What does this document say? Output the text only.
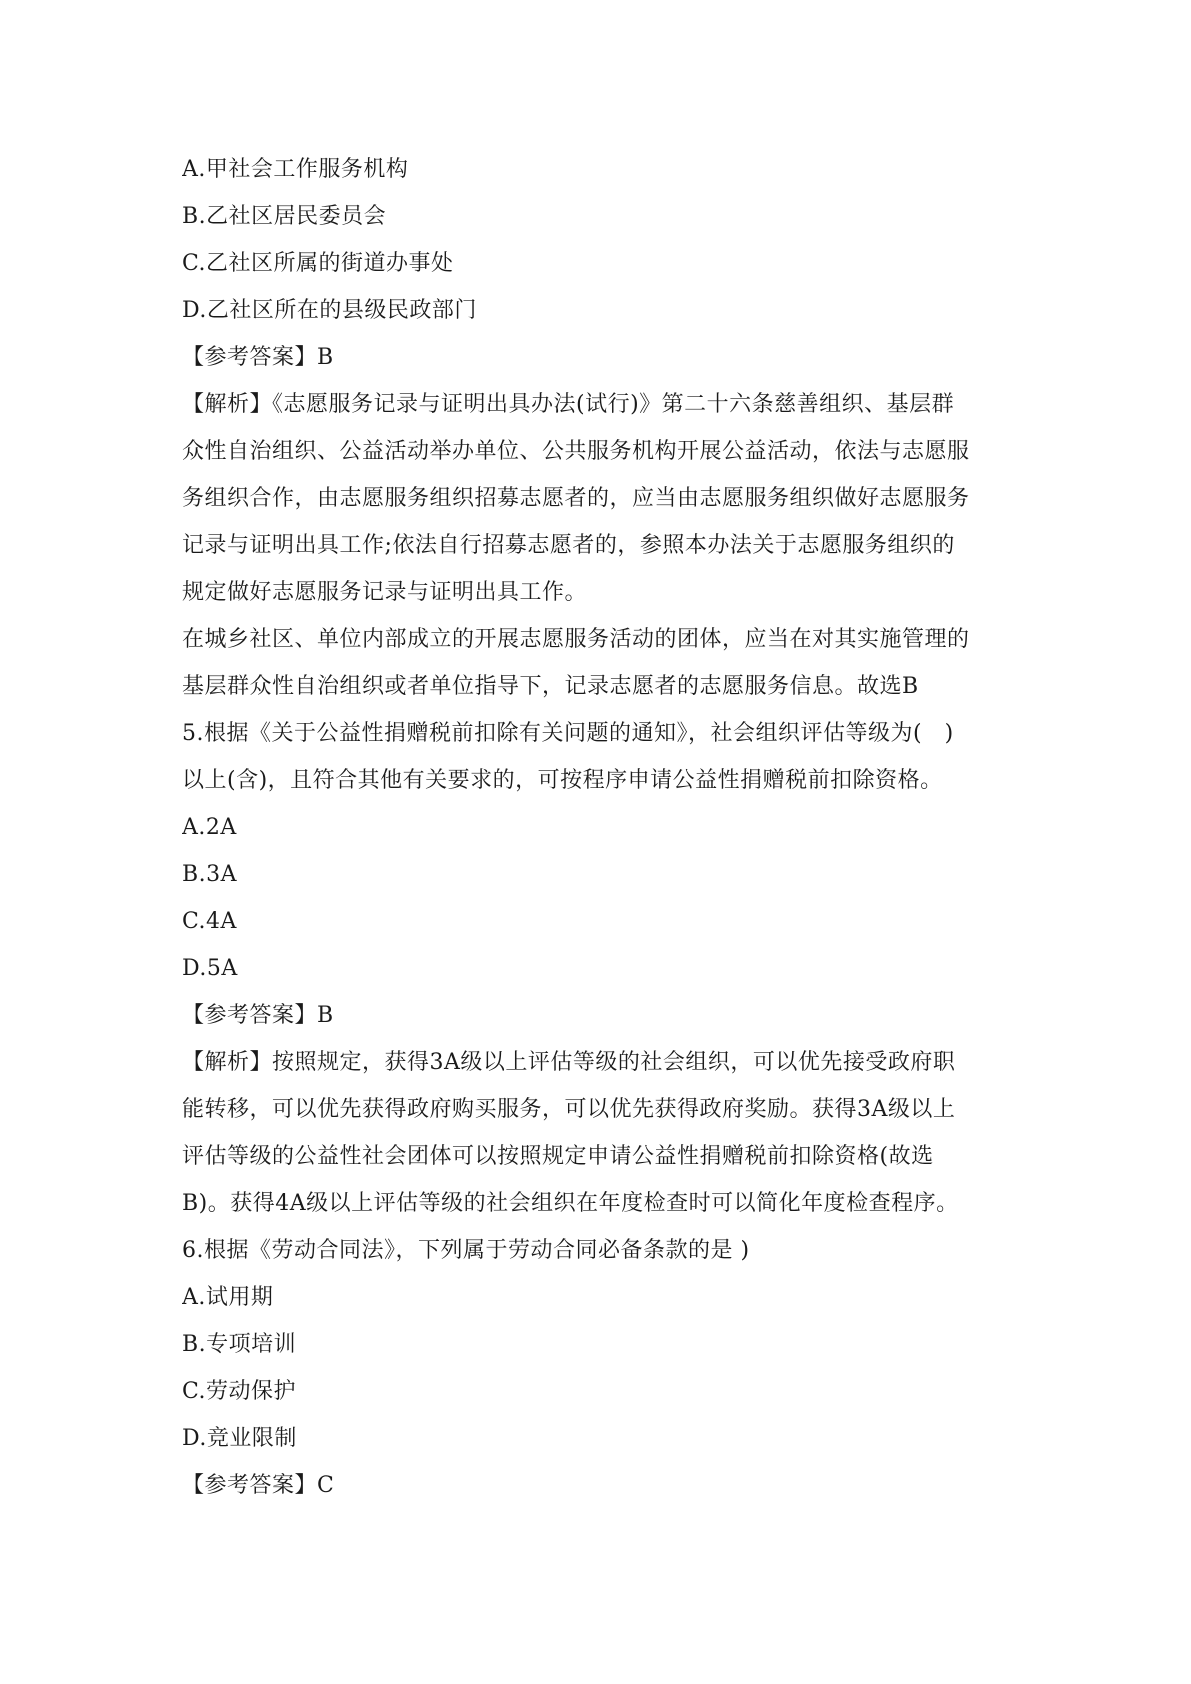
A.甲社会工作服务机构
B.乙社区居民委员会
C.乙社区所属的街道办事处
D.乙社区所在的县级民政部门
【参考答案】B
【解析】《志愿服务记录与证明出具办法(试行)》第二十六条慈善组织、基层群
众性自治组织、公益活动举办单位、公共服务机构开展公益活动，依法与志愿服
务组织合作，由志愿服务组织招募志愿者的，应当由志愿服务组织做好志愿服务
记录与证明出具工作;依法自行招募志愿者的，参照本办法关于志愿服务组织的
规定做好志愿服务记录与证明出具工作。
在城乡社区、单位内部成立的开展志愿服务活动的团体，应当在对其实施管理的
基层群众性自治组织或者单位指导下，记录志愿者的志愿服务信息。故选B
5.根据《关于公益性捐赠税前扣除有关问题的通知》，社会组织评估等级为(　)
以上(含)，且符合其他有关要求的，可按程序申请公益性捐赠税前扣除资格。
A.2A
B.3A
C.4A
D.5A
【参考答案】B
【解析】按照规定，获得3A级以上评估等级的社会组织，可以优先接受政府职
能转移，可以优先获得政府购买服务，可以优先获得政府奖励。获得3A级以上
评估等级的公益性社会团体可以按照规定申请公益性捐赠税前扣除资格(故选
B)。获得4A级以上评估等级的社会组织在年度检查时可以简化年度检查程序。
6.根据《劳动合同法》，下列属于劳动合同必备条款的是 )
A.试用期
B.专项培训
C.劳动保护
D.竞业限制
【参考答案】C
